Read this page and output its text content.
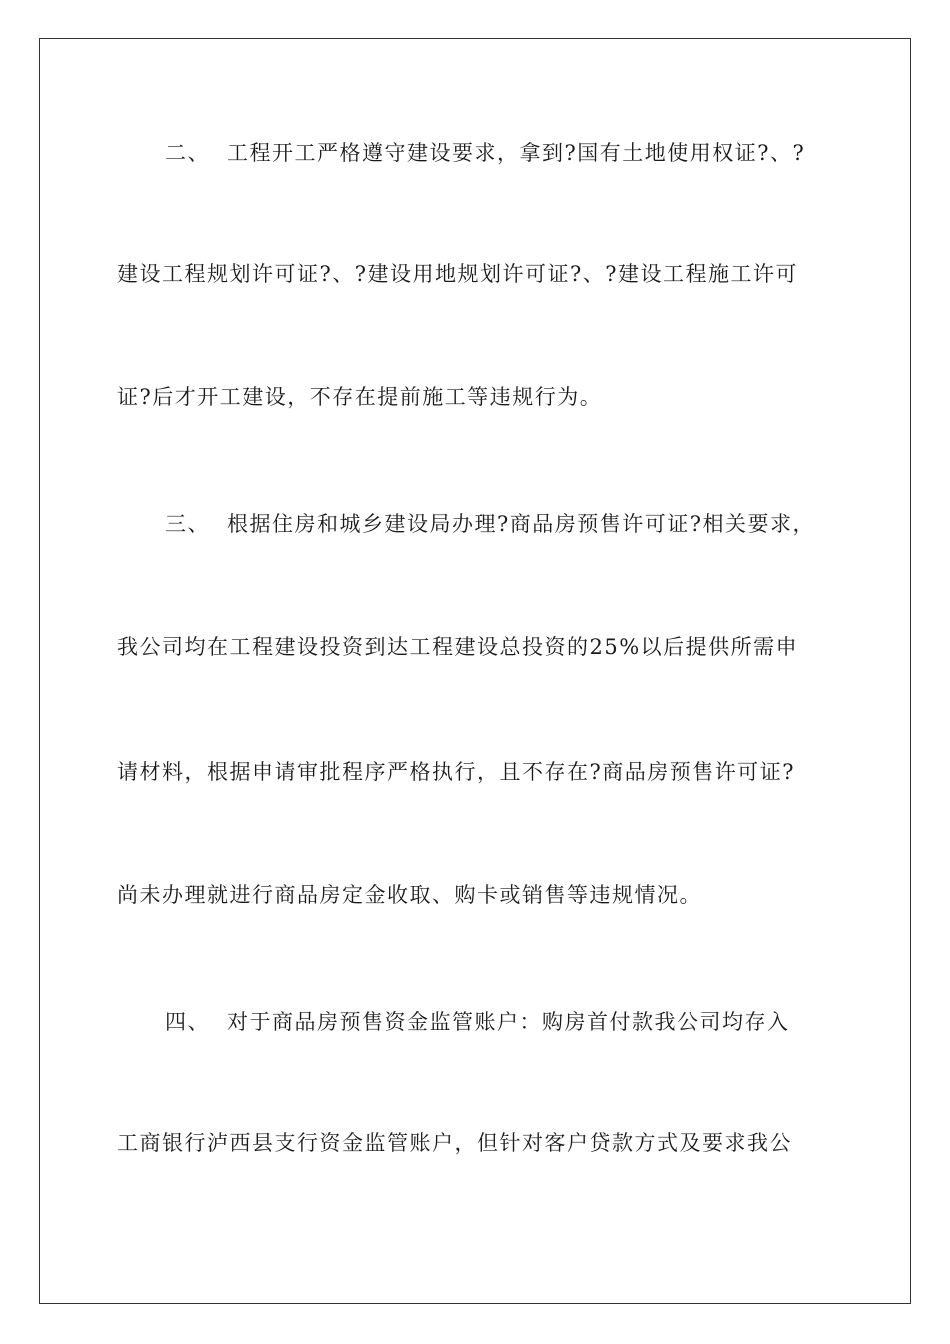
二、 工程开工严格遵守建设要求，拿到?国有土地使用权证?、?
建设工程规划许可证?、?建设用地规划许可证?、?建设工程施工许可
证?后才开工建设，不存在提前施工等违规行为。
三、 根据住房和城乡建设局办理?商品房预售许可证?相关要求，
我公司均在工程建设投资到达工程建设总投资的25%以后提供所需申
请材料，根据申请审批程序严格执行，且不存在?商品房预售许可证?
尚未办理就进行商品房定金收取、购卡或销售等违规情况。
四、 对于商品房预售资金监管账户：购房首付款我公司均存入
工商银行泸西县支行资金监管账户，但针对客户贷款方式及要求我公
